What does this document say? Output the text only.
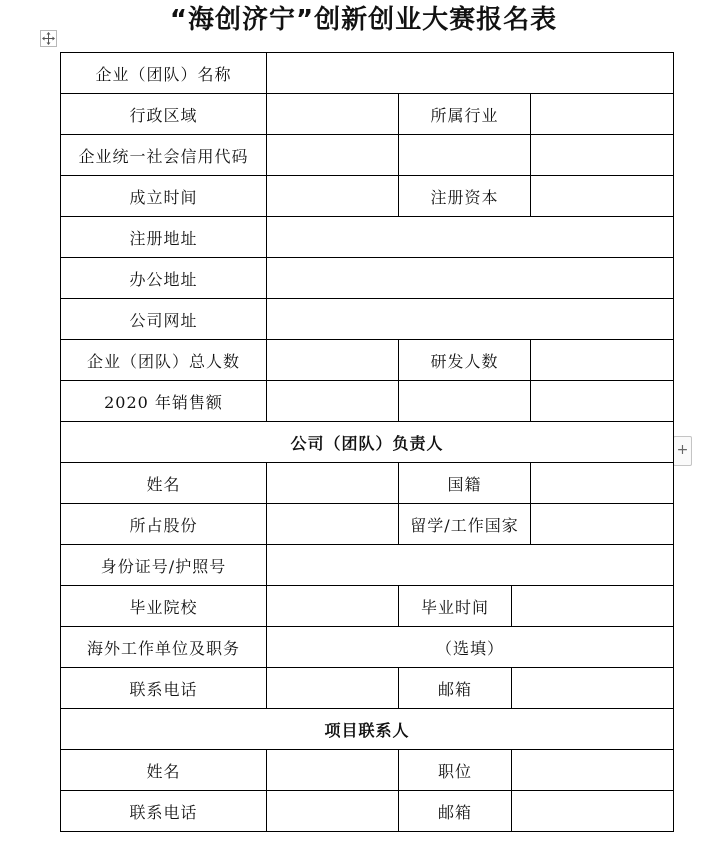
“海创济宁”创新创业大赛报名表
+
企业（团队）名称				
行政区域		所属行业		
企业统一社会信用代码				
成立时间		注册资本		
注册地址				
办公地址				
公司网址				
企业（团队）总人数		研发人数		
2020 年销售额				
公司（团队）负责人				
姓名		国籍		
所占股份		留学/工作国家		
身份证号/护照号				
毕业院校		毕业时间		
海外工作单位及职务	（选填）			
联系电话		邮箱		
项目联系人				
姓名		职位		
联系电话		邮箱		
